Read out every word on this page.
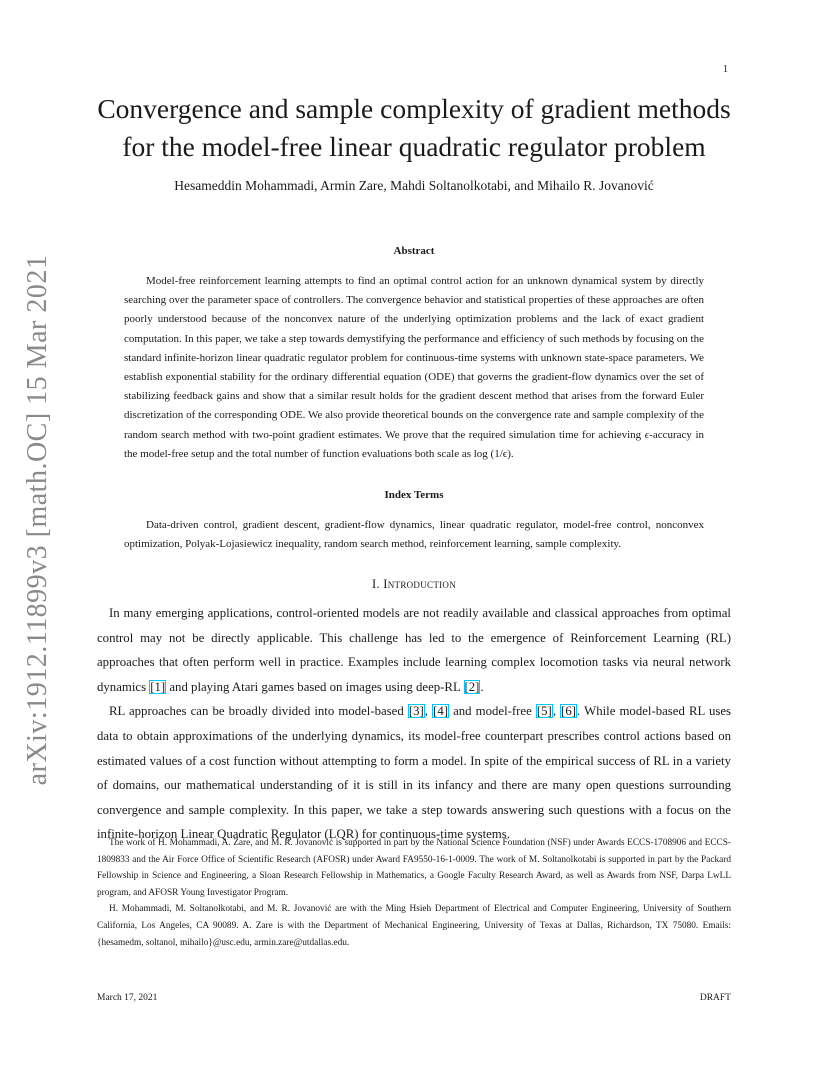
1
arXiv:1912.11899v3 [math.OC] 15 Mar 2021
Convergence and sample complexity of gradient methods
for the model-free linear quadratic regulator problem
Hesameddin Mohammadi, Armin Zare, Mahdi Soltanolkotabi, and Mihailo R. Jovanović
Abstract
Model-free reinforcement learning attempts to find an optimal control action for an unknown dynamical system by directly searching over the parameter space of controllers. The convergence behavior and statistical properties of these approaches are often poorly understood because of the nonconvex nature of the underlying optimization problems and the lack of exact gradient computation. In this paper, we take a step towards demystifying the performance and efficiency of such methods by focusing on the standard infinite-horizon linear quadratic regulator problem for continuous-time systems with unknown state-space parameters. We establish exponential stability for the ordinary differential equation (ODE) that governs the gradient-flow dynamics over the set of stabilizing feedback gains and show that a similar result holds for the gradient descent method that arises from the forward Euler discretization of the corresponding ODE. We also provide theoretical bounds on the convergence rate and sample complexity of the random search method with two-point gradient estimates. We prove that the required simulation time for achieving ϵ-accuracy in the model-free setup and the total number of function evaluations both scale as log (1/ϵ).
Index Terms
Data-driven control, gradient descent, gradient-flow dynamics, linear quadratic regulator, model-free control, nonconvex optimization, Polyak-Lojasiewicz inequality, random search method, reinforcement learning, sample complexity.
I. Introduction

In many emerging applications, control-oriented models are not readily available and classical approaches from optimal control may not be directly applicable. This challenge has led to the emergence of Reinforcement Learning (RL) approaches that often perform well in practice. Examples include learning complex locomotion tasks via neural network dynamics [1] and playing Atari games based on images using deep-RL [2].

RL approaches can be broadly divided into model-based [3], [4] and model-free [5], [6]. While model-based RL uses data to obtain approximations of the underlying dynamics, its model-free counterpart prescribes control actions based on estimated values of a cost function without attempting to form a model. In spite of the empirical success of RL in a variety of domains, our mathematical understanding of it is still in its infancy and there are many open questions surrounding convergence and sample complexity. In this paper, we take a step towards answering such questions with a focus on the infinite-horizon Linear Quadratic Regulator (LQR) for continuous-time systems.

The work of H. Mohammadi, A. Zare, and M. R. Jovanović is supported in part by the National Science Foundation (NSF) under Awards ECCS-1708906 and ECCS-1809833 and the Air Force Office of Scientific Research (AFOSR) under Award FA9550-16-1-0009. The work of M. Soltanolkotabi is supported in part by the Packard Fellowship in Science and Engineering, a Sloan Research Fellowship in Mathematics, a Google Faculty Research Award, as well as Awards from NSF, Darpa LwLL program, and AFOSR Young Investigator Program.

H. Mohammadi, M. Soltanolkotabi, and M. R. Jovanović are with the Ming Hsieh Department of Electrical and Computer Engineering, University of Southern California, Los Angeles, CA 90089. A. Zare is with the Department of Mechanical Engineering, University of Texas at Dallas, Richardson, TX 75080. Emails: {hesamedm, soltanol, mihailo}@usc.edu, armin.zare@utdallas.edu.

March 17, 2021	DRAFT
